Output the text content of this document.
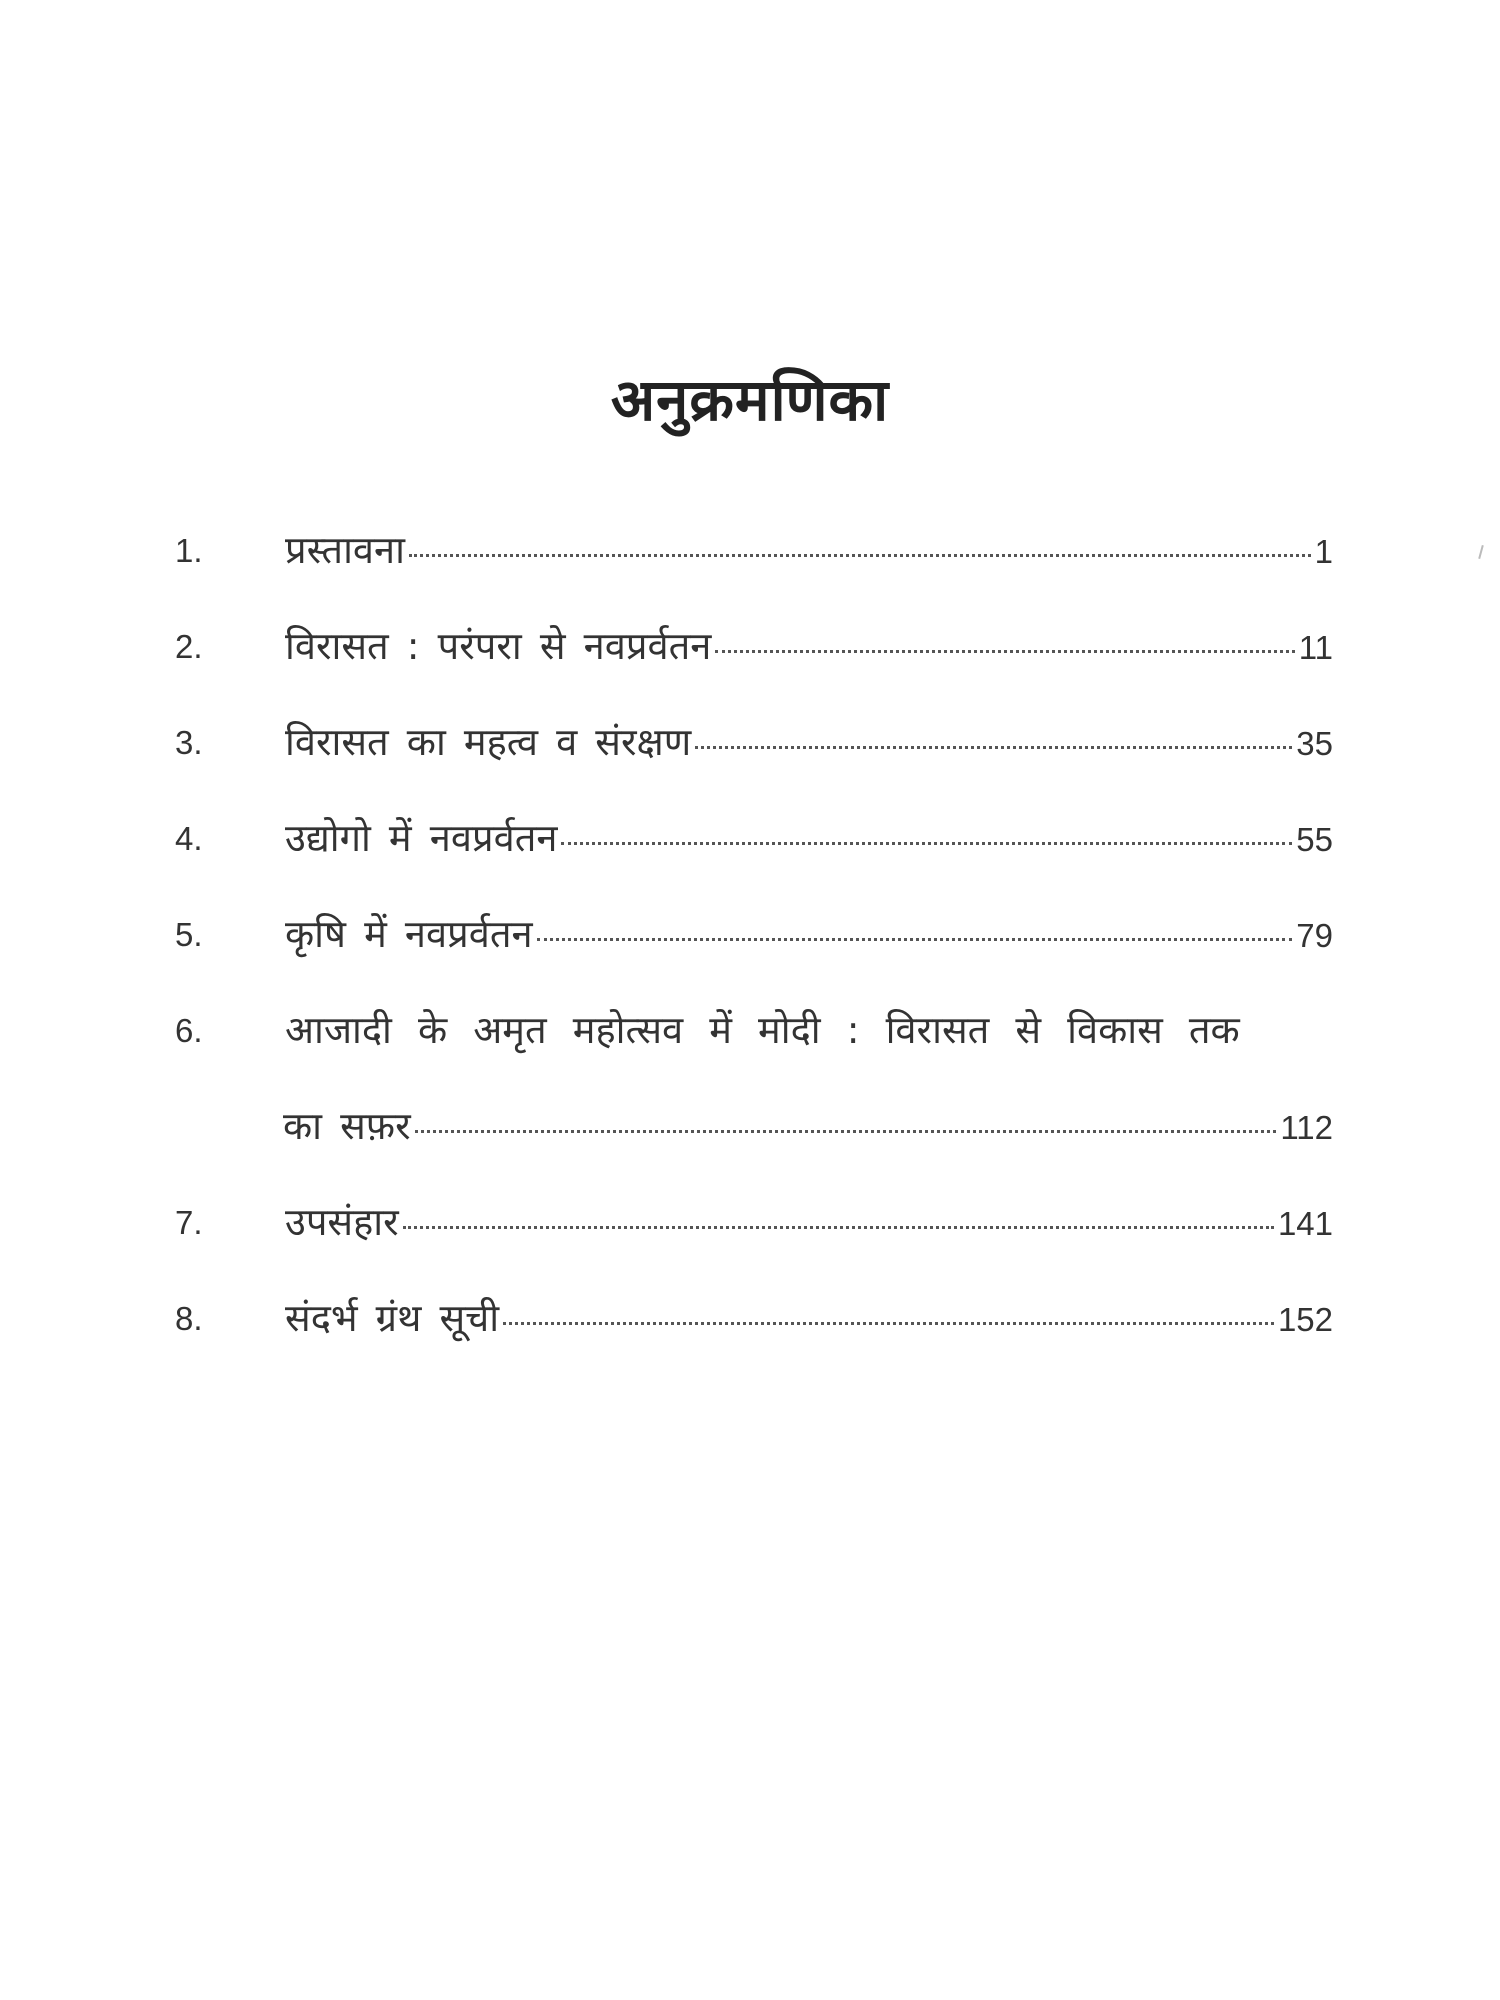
अनुक्रमणिका
1. प्रस्तावना	1
2. विरासत : परंपरा से नवप्रर्वतन	11
3. विरासत का महत्व व संरक्षण	35
4. उद्योगो में नवप्रर्वतन	55
5. कृषि में नवप्रर्वतन	79
6. आजादी के अमृत महोत्सव में मोदी : विरासत से विकास तक
का सफ़र	112
7. उपसंहार	141
8. संदर्भ ग्रंथ सूची	152
